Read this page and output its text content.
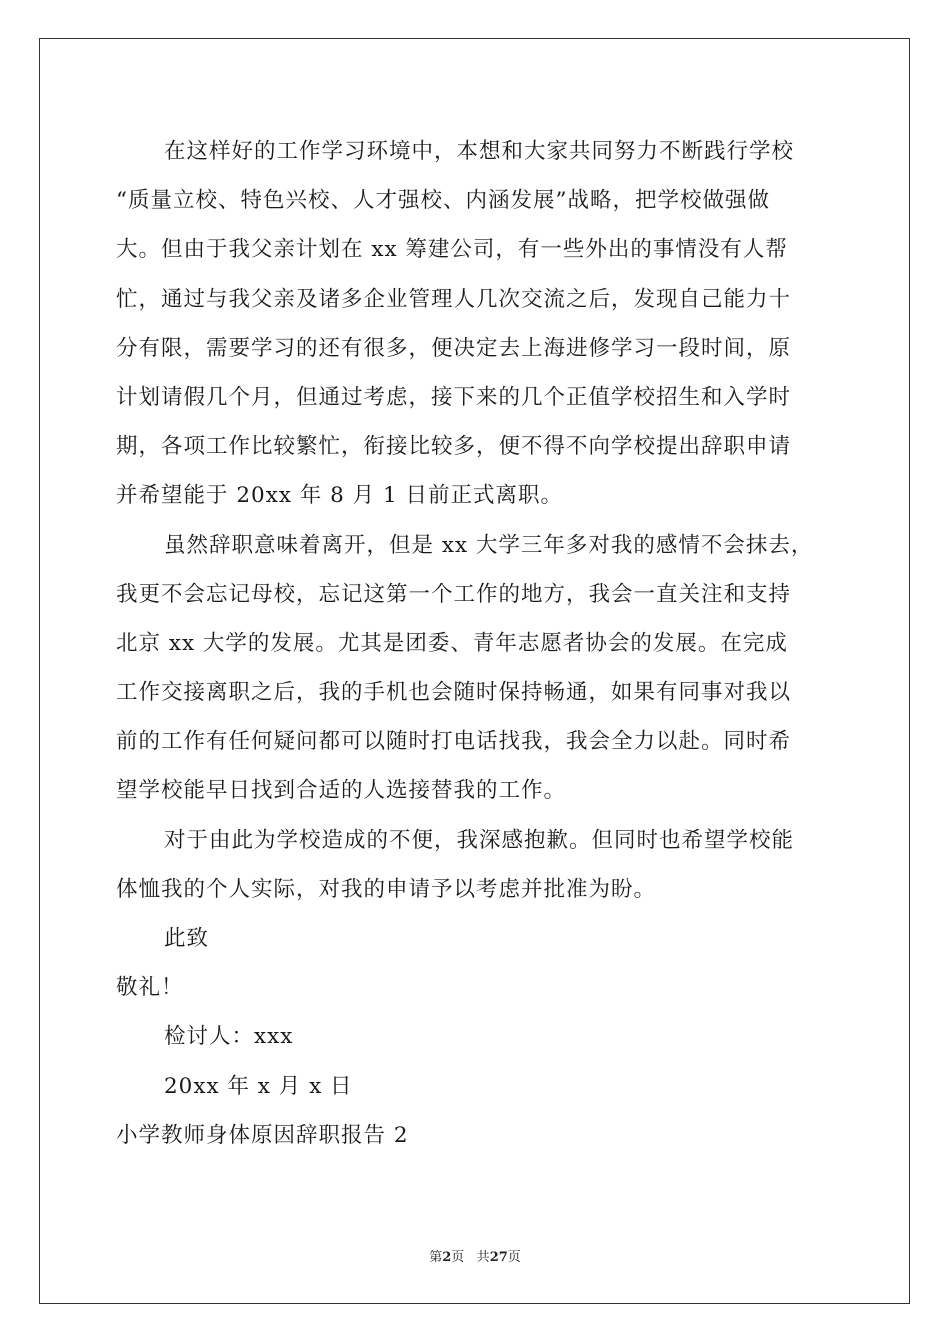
在这样好的工作学习环境中，本想和大家共同努力不断践行学校
“质量立校、特色兴校、人才强校、内涵发展”战略，把学校做强做
大。但由于我父亲计划在 xx 筹建公司，有一些外出的事情没有人帮
忙，通过与我父亲及诸多企业管理人几次交流之后，发现自己能力十
分有限，需要学习的还有很多，便决定去上海进修学习一段时间，原
计划请假几个月，但通过考虑，接下来的几个正值学校招生和入学时
期，各项工作比较繁忙，衔接比较多，便不得不向学校提出辞职申请
并希望能于 20xx 年 8 月 1 日前正式离职。
虽然辞职意味着离开，但是 xx 大学三年多对我的感情不会抹去，
我更不会忘记母校，忘记这第一个工作的地方，我会一直关注和支持
北京 xx 大学的发展。尤其是团委、青年志愿者协会的发展。在完成
工作交接离职之后，我的手机也会随时保持畅通，如果有同事对我以
前的工作有任何疑问都可以随时打电话找我，我会全力以赴。同时希
望学校能早日找到合适的人选接替我的工作。
对于由此为学校造成的不便，我深感抱歉。但同时也希望学校能
体恤我的个人实际，对我的申请予以考虑并批准为盼。
此致
敬礼！
检讨人：xxx
20xx 年 x 月 x 日
小学教师身体原因辞职报告 2
第2页 共27页
